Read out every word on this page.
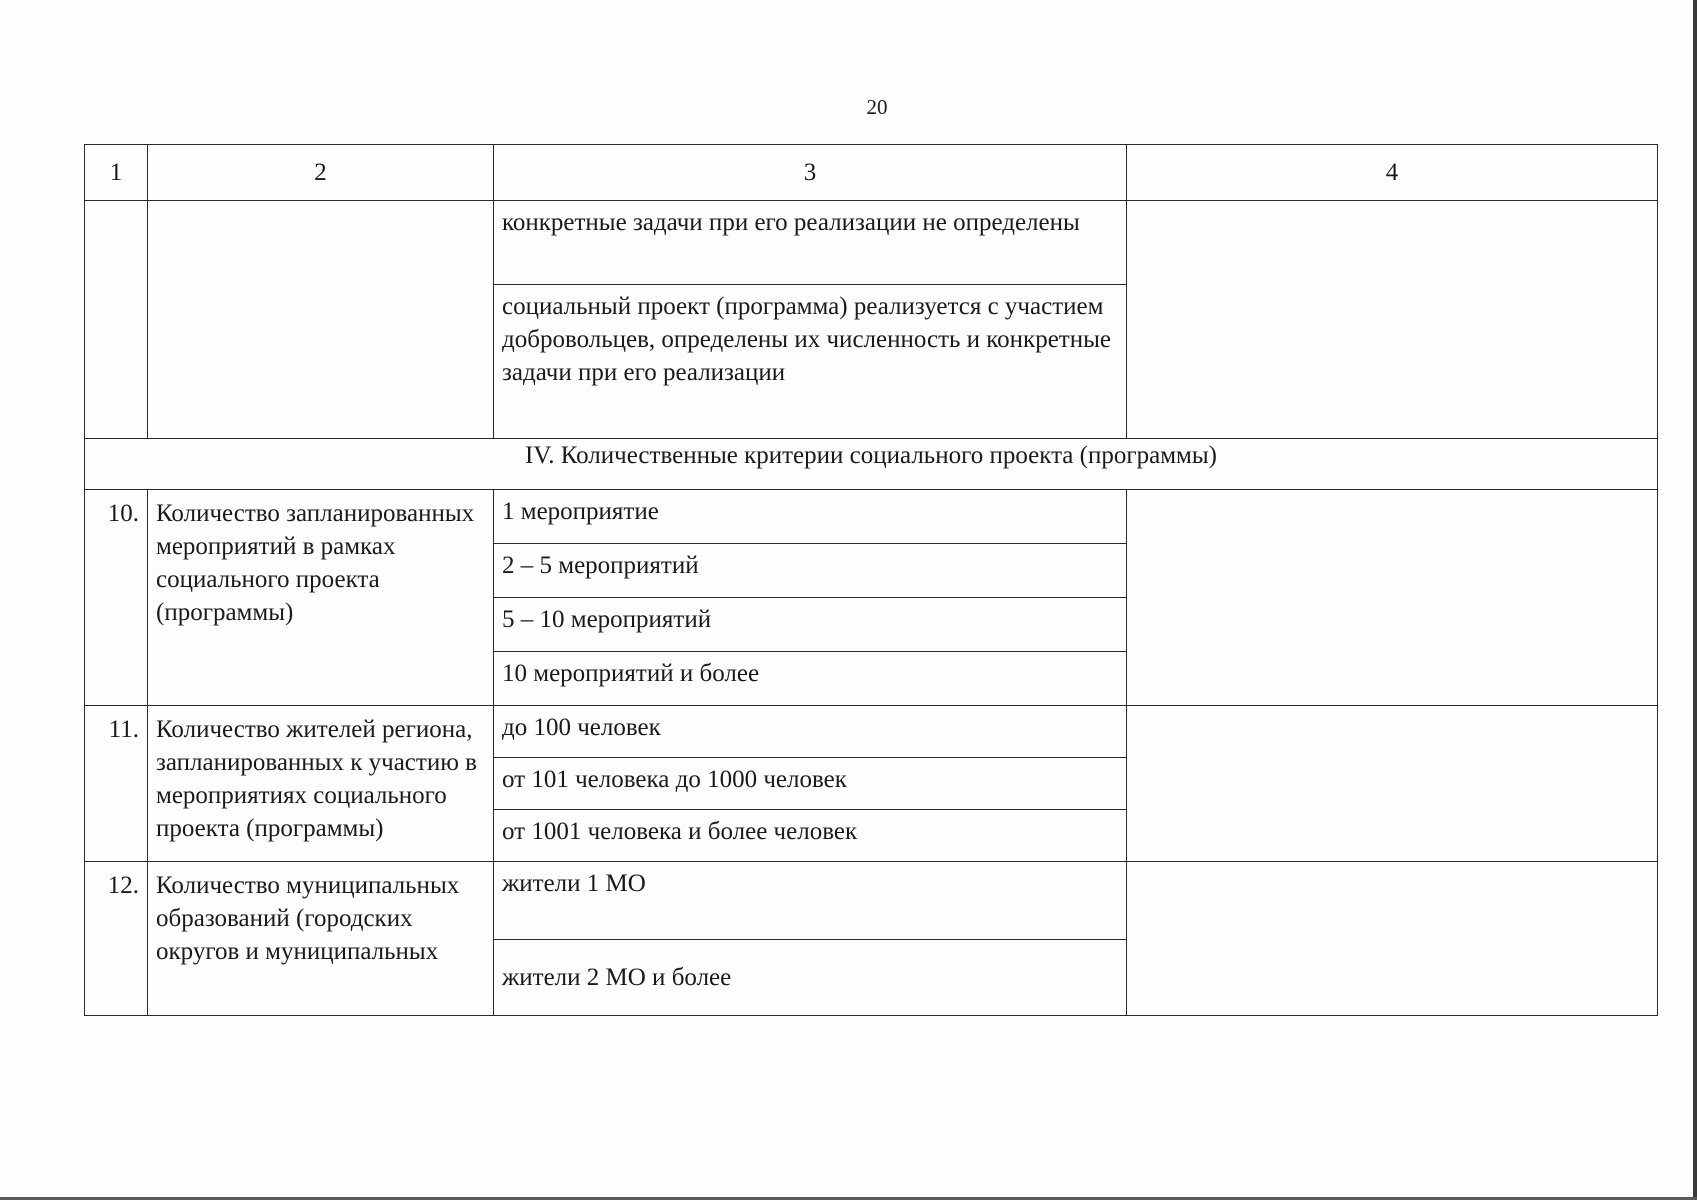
20
1	2	3	4
		конкретные задачи при его реализации не определены	
		социальный проект (программа) реализуется с участием добровольцев, определены их численность и конкретные задачи при его реализации	
IV. Количественные критерии социального проекта (программы)			
10.	Количество запланированных мероприятий в рамках социального проекта (программы)	1 мероприятие	
		2 – 5 мероприятий	
		5 – 10 мероприятий	
		10 мероприятий и более	
11.	Количество жителей региона, запланированных к участию в мероприятиях социального проекта (программы)	до 100 человек	
		от 101 человека до 1000 человек	
		от 1001 человека и более человек	
12.	Количество муниципальных образований (городских округов и муниципальных	жители 1 МО	
		жители 2 МО и более	
